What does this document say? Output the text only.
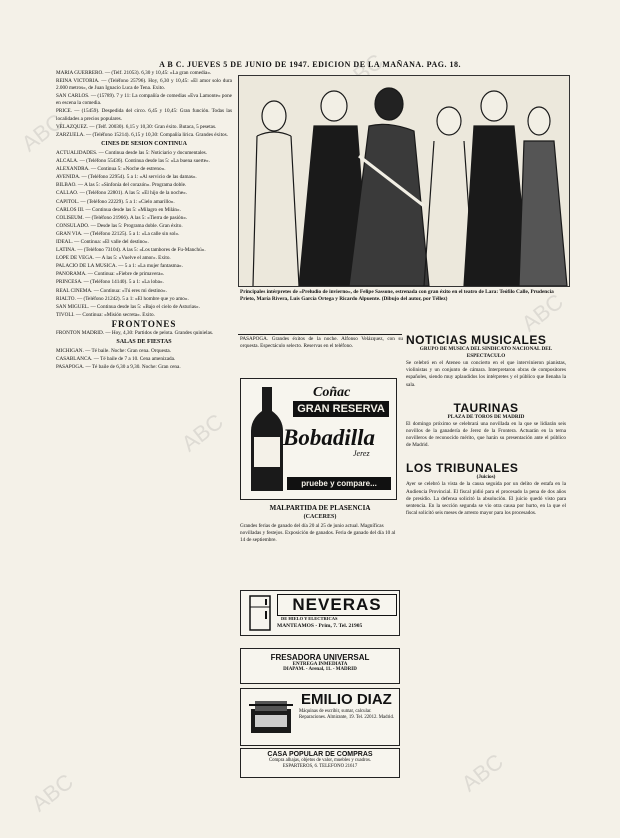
ABC
ABC
ABC
ABC
ABC	ABC
A B C. JUEVES 5 DE JUNIO DE 1947. EDICION DE LA MAÑANA. PAG. 18.

MARIA GUERRERO. — (Telf. 21053). 6,30 y 10,45: «La gran comedia».

REINA VICTORIA. — (Teléfono 25796). Hoy, 6,30 y 10,45: «El amor solo dura 2.000 metros», de Juan Ignacio Luca de Tena. Exito.

SAN CARLOS. — (15789). 7 y 11: La compañía de comedias «Eva Lamonte» pone en escena la comedia.

PRICE. — (15459). Despedida del circo. 6,45 y 10,45: Gran función. Todas las localidades a precios populares.

VELAZQUEZ. — (Telf. 20030). 6,15 y 10,30: Gran éxito. Butaca, 5 pesetas.

ZARZUELA. — (Teléfono 15214). 6,15 y 10,30: Compañía lírica. Grandes éxitos.

CINES DE SESION CONTINUA

ACTUALIDADES. — Continua desde las 5: Noticiario y documentales.

ALCALA. — (Teléfono 55436). Continua desde las 5: «La buena suerte».

ALEXANDRA. — Continua 5: «Noche de estreno».

AVENIDA. — (Teléfono 22954). 5 a 1: «Al servicio de las damas».

BILBAO. — A las 5: «Sinfonía del corazón». Programa doble.

CALLAO. — (Teléfono 22801). A las 5: «El hijo de la noche».

CAPITOL. — (Teléfono 22229). 5 a 1: «Cielo amarillo».

CARLOS III. — Continua desde las 5: «Milagro en Milán».

COLISEUM. — (Teléfono 21966). A las 5: «Tierra de pasión».

CONSULADO. — Desde las 5: Programa doble. Gran éxito.

GRAN VIA. — (Teléfono 22125). 5 a 1: «La calle sin sol».

IDEAL. — Continua: «El valle del destino».

LATINA. — (Teléfono 73104). A las 5: «Los tambores de Fu-Manchú».

LOPE DE VEGA. — A las 5: «Vuelve el amor». Exito.

PALACIO DE LA MUSICA. — 5 a 1: «La mujer fantasma».

PANORAMA. — Continua: «Fiebre de primavera».

PRINCESA. — (Teléfono 14140). 5 a 1: «La loba».

REAL CINEMA. — Continua: «Tú eres mi destino».

RIALTO. — (Teléfono 21242). 5 a 1: «El hombre que yo amo».

SAN MIGUEL. — Continua desde las 5: «Bajo el cielo de Asturias».

TIVOLI. — Continua: «Misión secreta». Exito.

FRONTONES

FRONTON MADRID. — Hoy, 4,30: Partidos de pelota. Grandes quinielas.

SALAS DE FIESTAS

MICHIGAN. — Té baile. Noche: Gran cena. Orquesta.

CASABLANCA. — Té baile de 7 a 10. Cena amenizada.

PASAPOGA. — Té baile de 6,30 a 9,30. Noche: Gran cena.

Principales intérpretes de «Preludio de invierno», de Felipe Sassone, estrenada con gran éxito en el teatro de Lara: Teófilo Calle, Prudencia Prieto, María Rivera, Luis García Ortega y Ricardo Alpuente. (Dibujo del autor, por Téllez)
PASAPOGA. Grandes éxitos de la noche. Alfonso Velázquez, con su orquesta. Espectáculo selecto. Reservas en el teléfono.
Coñac
GRAN RESERVA
Bobadilla
Jerez
pruebe y compare...
MALPARTIDA DE PLASENCIA
(CACERES)
Grandes ferias de ganado del día 20 al 25 de junio actual. Magníficas novilladas y festejos. Exposición de ganados. Feria de ganado del día 10 al 14 de septiembre.
NEVERAS
DE HIELO Y ELECTRICAS
MANTEAMOS - Prim, 7. Tel. 21905
FRESADORA UNIVERSAL
ENTREGA INMEDIATA
DIAPAM. - Arenal, 11. - MADRID
EMILIO DIAZ
Máquinas de escribir, sumar, calcular. Reparaciones. Almirante, 19. Tel. 22012. Madrid.
CASA POPULAR DE COMPRAS
Compra alhajas, objetos de valor, muebles y cuadros.
ESPARTEROS, 6. TELEFONO 21617
NOTICIAS MUSICALES
GRUPO DE MUSICA DEL SINDICATO NACIONAL DEL ESPECTACULO

Se celebró en el Ateneo un concierto en el que intervinieron pianistas, violinistas y un conjunto de cámara. Interpretaron obras de compositores españoles, siendo muy aplaudidos los intérpretes y el público que llenaba la sala.

TAURINAS
PLAZA DE TOROS DE MADRID

El domingo próximo se celebrará una novillada en la que se lidiarán seis novillos de la ganadería de Jerez de la Frontera. Actuarán en la terna novilleros de reconocido mérito, que harán su presentación ante el público de Madrid.

LOS TRIBUNALES
(Juicios)

Ayer se celebró la vista de la causa seguida por un delito de estafa en la Audiencia Provincial. El fiscal pidió para el procesado la pena de dos años de presidio. La defensa solicitó la absolución. El juicio quedó visto para sentencia. En la sección segunda se vio otra causa por hurto, en la que el fiscal solicitó seis meses de arresto mayor para los procesados.
